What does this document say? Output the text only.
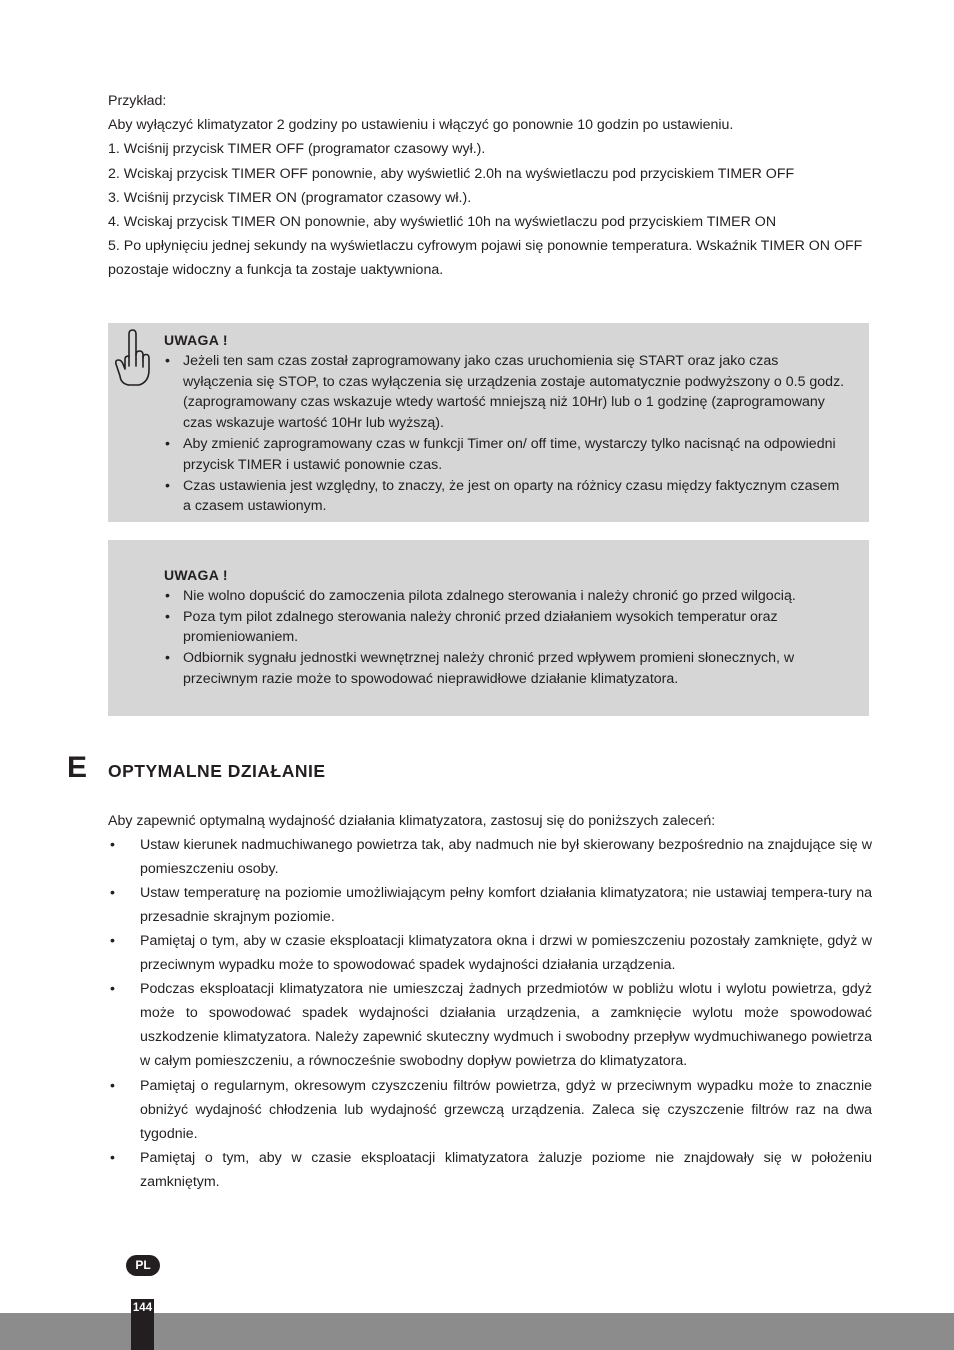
Przykład:

Aby wyłączyć klimatyzator 2 godziny po ustawieniu i włączyć go ponownie 10 godzin po ustawieniu.

1. Wciśnij przycisk TIMER OFF (programator czasowy wył.).

2. Wciskaj przycisk TIMER OFF ponownie, aby wyświetlić 2.0h na wyświetlaczu pod przyciskiem TIMER OFF

3. Wciśnij przycisk TIMER ON (programator czasowy wł.).

4. Wciskaj przycisk TIMER ON ponownie, aby wyświetlić 10h na wyświetlaczu pod przyciskiem TIMER ON

5. Po upłynięciu jednej sekundy na wyświetlaczu cyfrowym pojawi się ponownie temperatura. Wskaźnik TIMER ON OFF pozostaje widoczny a funkcja ta zostaje uaktywniona.

UWAGA !
• Jeżeli ten sam czas został zaprogramowany jako czas uruchomienia się START oraz jako czas wyłączenia się STOP, to czas wyłączenia się urządzenia zostaje automatycznie podwyższony o 0.5 godz. (zaprogramowany czas wskazuje wtedy wartość mniejszą niż 10Hr) lub o 1 godzinę (zaprogramowany czas wskazuje wartość 10Hr lub wyższą).
• Aby zmienić zaprogramowany czas w funkcji Timer on/ off time, wystarczy tylko nacisnąć na odpowiedni przycisk TIMER i ustawić ponownie czas.
• Czas ustawienia jest względny, to znaczy, że jest on oparty na różnicy czasu między faktycznym czasem a czasem ustawionym.
UWAGA !
• Nie wolno dopuścić do zamoczenia pilota zdalnego sterowania i należy chronić go przed wilgocią.
• Poza tym pilot zdalnego sterowania należy chronić przed działaniem wysokich temperatur oraz promieniowaniem.
• Odbiornik sygnału jednostki wewnętrznej należy chronić przed wpływem promieni słonecznych, w przeciwnym razie może to spowodować nieprawidłowe działanie klimatyzatora.
E OPTYMALNE DZIAŁANIE

Aby zapewnić optymalną wydajność działania klimatyzatora, zastosuj się do poniższych zaleceń:

• Ustaw kierunek nadmuchiwanego powietrza tak, aby nadmuch nie był skierowany bezpośrednio na znajdujące się w pomieszczeniu osoby.
• Ustaw temperaturę na poziomie umożliwiającym pełny komfort działania klimatyzatora; nie ustawiaj tempera-tury na przesadnie skrajnym poziomie.
• Pamiętaj o tym, aby w czasie eksploatacji klimatyzatora okna i drzwi w pomieszczeniu pozostały zamknięte, gdyż w przeciwnym wypadku może to spowodować spadek wydajności działania urządzenia.
• Podczas eksploatacji klimatyzatora nie umieszczaj żadnych przedmiotów w pobliżu wlotu i wylotu powietrza, gdyż może to spowodować spadek wydajności działania urządzenia, a zamknięcie wylotu może spowodować uszkodzenie klimatyzatora. Należy zapewnić skuteczny wydmuch i swobodny przepływ wydmuchiwanego powietrza w całym pomieszczeniu, a równocześnie swobodny dopływ powietrza do klimatyzatora.
• Pamiętaj o regularnym, okresowym czyszczeniu filtrów powietrza, gdyż w przeciwnym wypadku może to znacznie obniżyć wydajność chłodzenia lub wydajność grzewczą urządzenia. Zaleca się czyszczenie filtrów raz na dwa tygodnie.
• Pamiętaj o tym, aby w czasie eksploatacji klimatyzatora żaluzje poziome nie znajdowały się w położeniu zamkniętym.
PL
144
